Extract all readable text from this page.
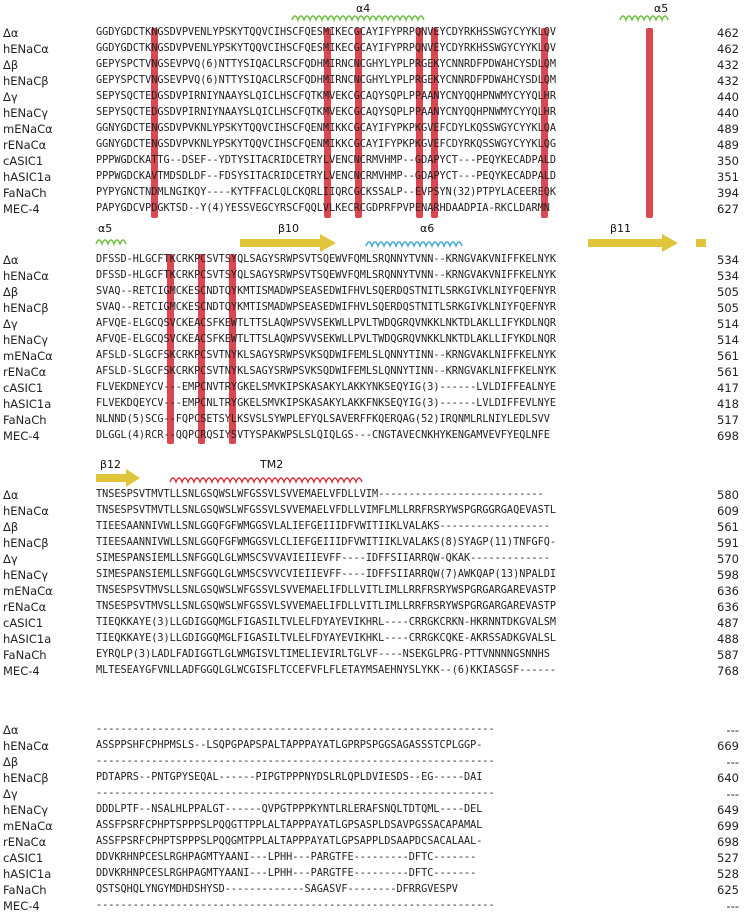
α4	α5
Δα	GGDYGDCTKNGSDVPVENLYPSKYTQQVCIHSCFQESMIKECGCAYIFYPRPQNVEYCDYRKHSSWGYCYYKLQV	462
hENaCα	GGDYGDCTKNGSDVPVENLYPSKYTQQVCIHSCFQESMIKECGCAYIFYPRPQNVEYCDYRKHSSWGYCYYKLQV	462
Δβ	GEPYSPCTVNGSEVPVQ(6)NTTYSIQACLRSCFQDHMIRNCNCGHYLYPLPRGEKYCNNRDFPDWAHCYSDLQM	432
hENaCβ	GEPYSPCTVNGSEVPVQ(6)NTTYSIQACLRSCFQDHMIRNCNCGHYLYPLPRGEKYCNNRDFPDWAHCYSDLQM	432
Δγ	SEPYSQCTEDGSDVPIRNIYNAAYSLQICLHSCFQTKMVEKCGCAQYSQPLPPAANYCNYQQHPNWMYCYYQLHR	440
hENaCγ	SEPYSQCTEDGSDVPIRNIYNAAYSLQICLHSCFQTKMVEKCGCAQYSQPLPPAANYCNYQQHPNWMYCYYQLHR	440
mENaCα	GGNYGDCTENGSDVPVKNLYPSKYTQQVCIHSCFQENMIKKCGCAYIFYPKPKGVEFCDYLKQSSWGYCYYKLQA	489
rENaCα	GGNYGDCTENGSDVPVKNLYPSKYTQQVCIHSCFQENMIKKCGCAYIFYPKPKGVEFCDYRKQSSWGYCYYKLQG	489
cASIC1	PPPWGDCKATTG--DSEF--YDTYSITACRIDCETRYLVENCNCRMVHMP--GDAPYCT---PEQYKECADPALD	350
hASIC1a	PPPWGDCKAVTMDSDLDF--FDSYSITACRIDCETRYLVENCNCRMVHMP--GDAPYCT---PEQYKECADPALD	351
FaNaCh	PYPYGNCTNDMLNGIKQY----KYTFFACLQLCKQRLIIQRCGCKSSALP--EVPSYN(32)PTPYLACEEREQK	394
MEC-4	PAPYGDCVPDGKTSD--Y(4)YESSVEGCYRSCFQQLVLKECRCGDPRFPVPENARHDAADPIA-RKCLDARMN	627
α5	β10	α6	β11
Δα	DFSSD-HLGCFTKCRKPCSVTSYQLSAGYSRWPSVTSQEWVFQMLSRQNNYTVNN--KRNGVAKVNIFFKELNYK	534
hENaCα	DFSSD-HLGCFTKCRKPCSVTSYQLSAGYSRWPSVTSQEWVFQMLSRQNNYTVNN--KRNGVAKVNIFFKELNYK	534
Δβ	SVAQ--RETCIGMCKESCNDTQYKMTISMADWPSEASEDWIFHVLSQERDQSTNITLSRKGIVKLNIYFQEFNYR	505
hENaCβ	SVAQ--RETCIGMCKESCNDTQYKMTISMADWPSEASEDWIFHVLSQERDQSTNITLSRKGIVKLNIYFQEFNYR	505
Δγ	AFVQE-ELGCQSVCKEACSFKEWTLTTSLAQWPSVVSEKWLLPVLTWDQGRQVNKKLNKTDLAKLLIFYKDLNQR	514
hENaCγ	AFVQE-ELGCQSVCKEACSFKEWTLTTSLAQWPSVVSEKWLLPVLTWDQGRQVNKKLNKTDLAKLLIFYKDLNQR	514
mENaCα	AFSLD-SLGCFSKCRKPCSVTNYKLSAGYSRWPSVKSQDWIFEMLSLQNNYTINN--KRNGVAKLNIFFKELNYK	561
rENaCα	AFSLD-SLGCFSKCRKPCSVTNYKLSAGYSRWPSVKSQDWIFEMLSLQNNYTINN--KRNGVAKLNIFFKELNYK	561
cASIC1	FLVEKDNEYCV---EMPCNVTRYGKELSMVKIPSKASAKYLAKKYNKSEQYIG(3)------LVLDIFFEALNYE	417
hASIC1a	FLVEKDQEYCV---EMPCNLTRYGKELSMVKIPSKASAKYLAKKFNKSEQYIG(3)------LVLDIFFEVLNYE	418
FaNaCh	NLNND(5)SCG--FQPCSETSYLKSVSLSYWPLEFYQLSAVERFFKQERQAG(52)IRQNMLRLNIYLEDLSVV	517
MEC-4	DLGGL(4)RCR--QQPCRQSIYSVTYSPAKWPSLSLQIQLGS---CNGTAVECNKHYKENGAMVEVFYEQLNFE	698
β12	TM2
Δα	TNSESPSVTMVTLLSNLGSQWSLWFGSSVLSVVEMAELVFDLLVIM---------------------------	580
hENaCα	TNSESPSVTMVTLLSNLGSQWSLWFGSSVLSVVEMAELVFDLLVIMFLMLLRRFRSRYWSPGRGGRGAQEVASTL	609
Δβ	TIEESAANNIVWLLSNLGGQFGFWMGGSVLALIEFGEIIIDFVWITIIKLVALAKS------------------	561
hENaCβ	TIEESAANNIVWLLSNLGGQFGFWMGGSVLCLIEFGEIIIDFVWITIIKLVALAKS(8)SYAGP(11)TNFGFQ-	591
Δγ	SIMESPANSIEMLLSNFGGQLGLWMSCSVVAVIEIIEVFF----IDFFSIIARRQW-QKAK-------------	570
hENaCγ	SIMESPANSIEMLLSNFGGQLGLWMSCSVVCVIEIIEVFF----IDFFSIIARRQW(7)AWKQAP(13)NPALDI	598
mENaCα	TNSESPSVTMVSLLSNLGSQWSLWFGSSVLSVVEMAELIFDLLVITLIMLLRRFRSRYWSPGRGARGAREVASTP	636
rENaCα	TNSESPSVTMVSLLSNLGSQWSLWFGSSVLSVVEMAELIFDLLVITLIMLLRRFRSRYWSPGRGARGAREVASTP	636
cASIC1	TIEQKKAYE(3)LLGDIGGQMGLFIGASILTVLELFDYAYEVIKHRL----CRRGKCRKN-HKRNNTDKGVALSM	487
hASIC1a	TIEQKKAYE(3)LLGDIGGQMGLFIGASILTVLELFDYAYEVIKHKL----CRRGKCQKE-AKRSSADKGVALSL	488
FaNaCh	EYRQLP(3)LADLFADIGGTLGLWMGISVLTIMELIEVIRLTGLVF----NSEKGLPRG-PTTVNNNNGSNNHS	587
MEC-4	MLTESEAYGFVNLLADFGGQLGLWCGISFLTCCEFVFLFLETAYMSAEHNYSLYKK--(6)KKIASGSF------	768
Δα	-----------------------------------------------------------------	---
hENaCα	ASSPPSHFCPHPMSLS--LSQPGPAPSPALTAPPPAYATLGPRPSPGGSAGASSSTCPLGGP-	669
Δβ	-----------------------------------------------------------------	---
hENaCβ	PDTAPRS--PNTGPYSEQAL------PIPGTPPPNYDSLRLQPLDVIESDS--EG-----DAI	640
Δγ	-----------------------------------------------------------------	---
hENaCγ	DDDLPTF--NSALHLPPALGT------QVPGTPPPKYNTLRLERAFSNQLTDTQML----DEL	649
mENaCα	ASSFPSRFCPHPTSPPPSLPQQGTTPPLALTAPPPAYATLGPSASPLDSAVPGSSACAPAMAL	699
rENaCα	ASSFPSRFCPHPTSPPPSLPQQGMTPPLALTAPPPAYATLGPSAPPLDSAAPDCSACALAAL-	698
cASIC1	DDVKRHNPCESLRGHPAGMTYAANI---LPHH---PARGTFE---------DFTC-------	527
hASIC1a	DDVKRHNPCESLRGHPAGMTYAANI---LPHH---PARGTFE---------DFTC-------	528
FaNaCh	QSTSQHQLYNGYMDHDSHYSD-------------SAGASVF--------DFRRGVESPV	625
MEC-4	-----------------------------------------------------------------	---
